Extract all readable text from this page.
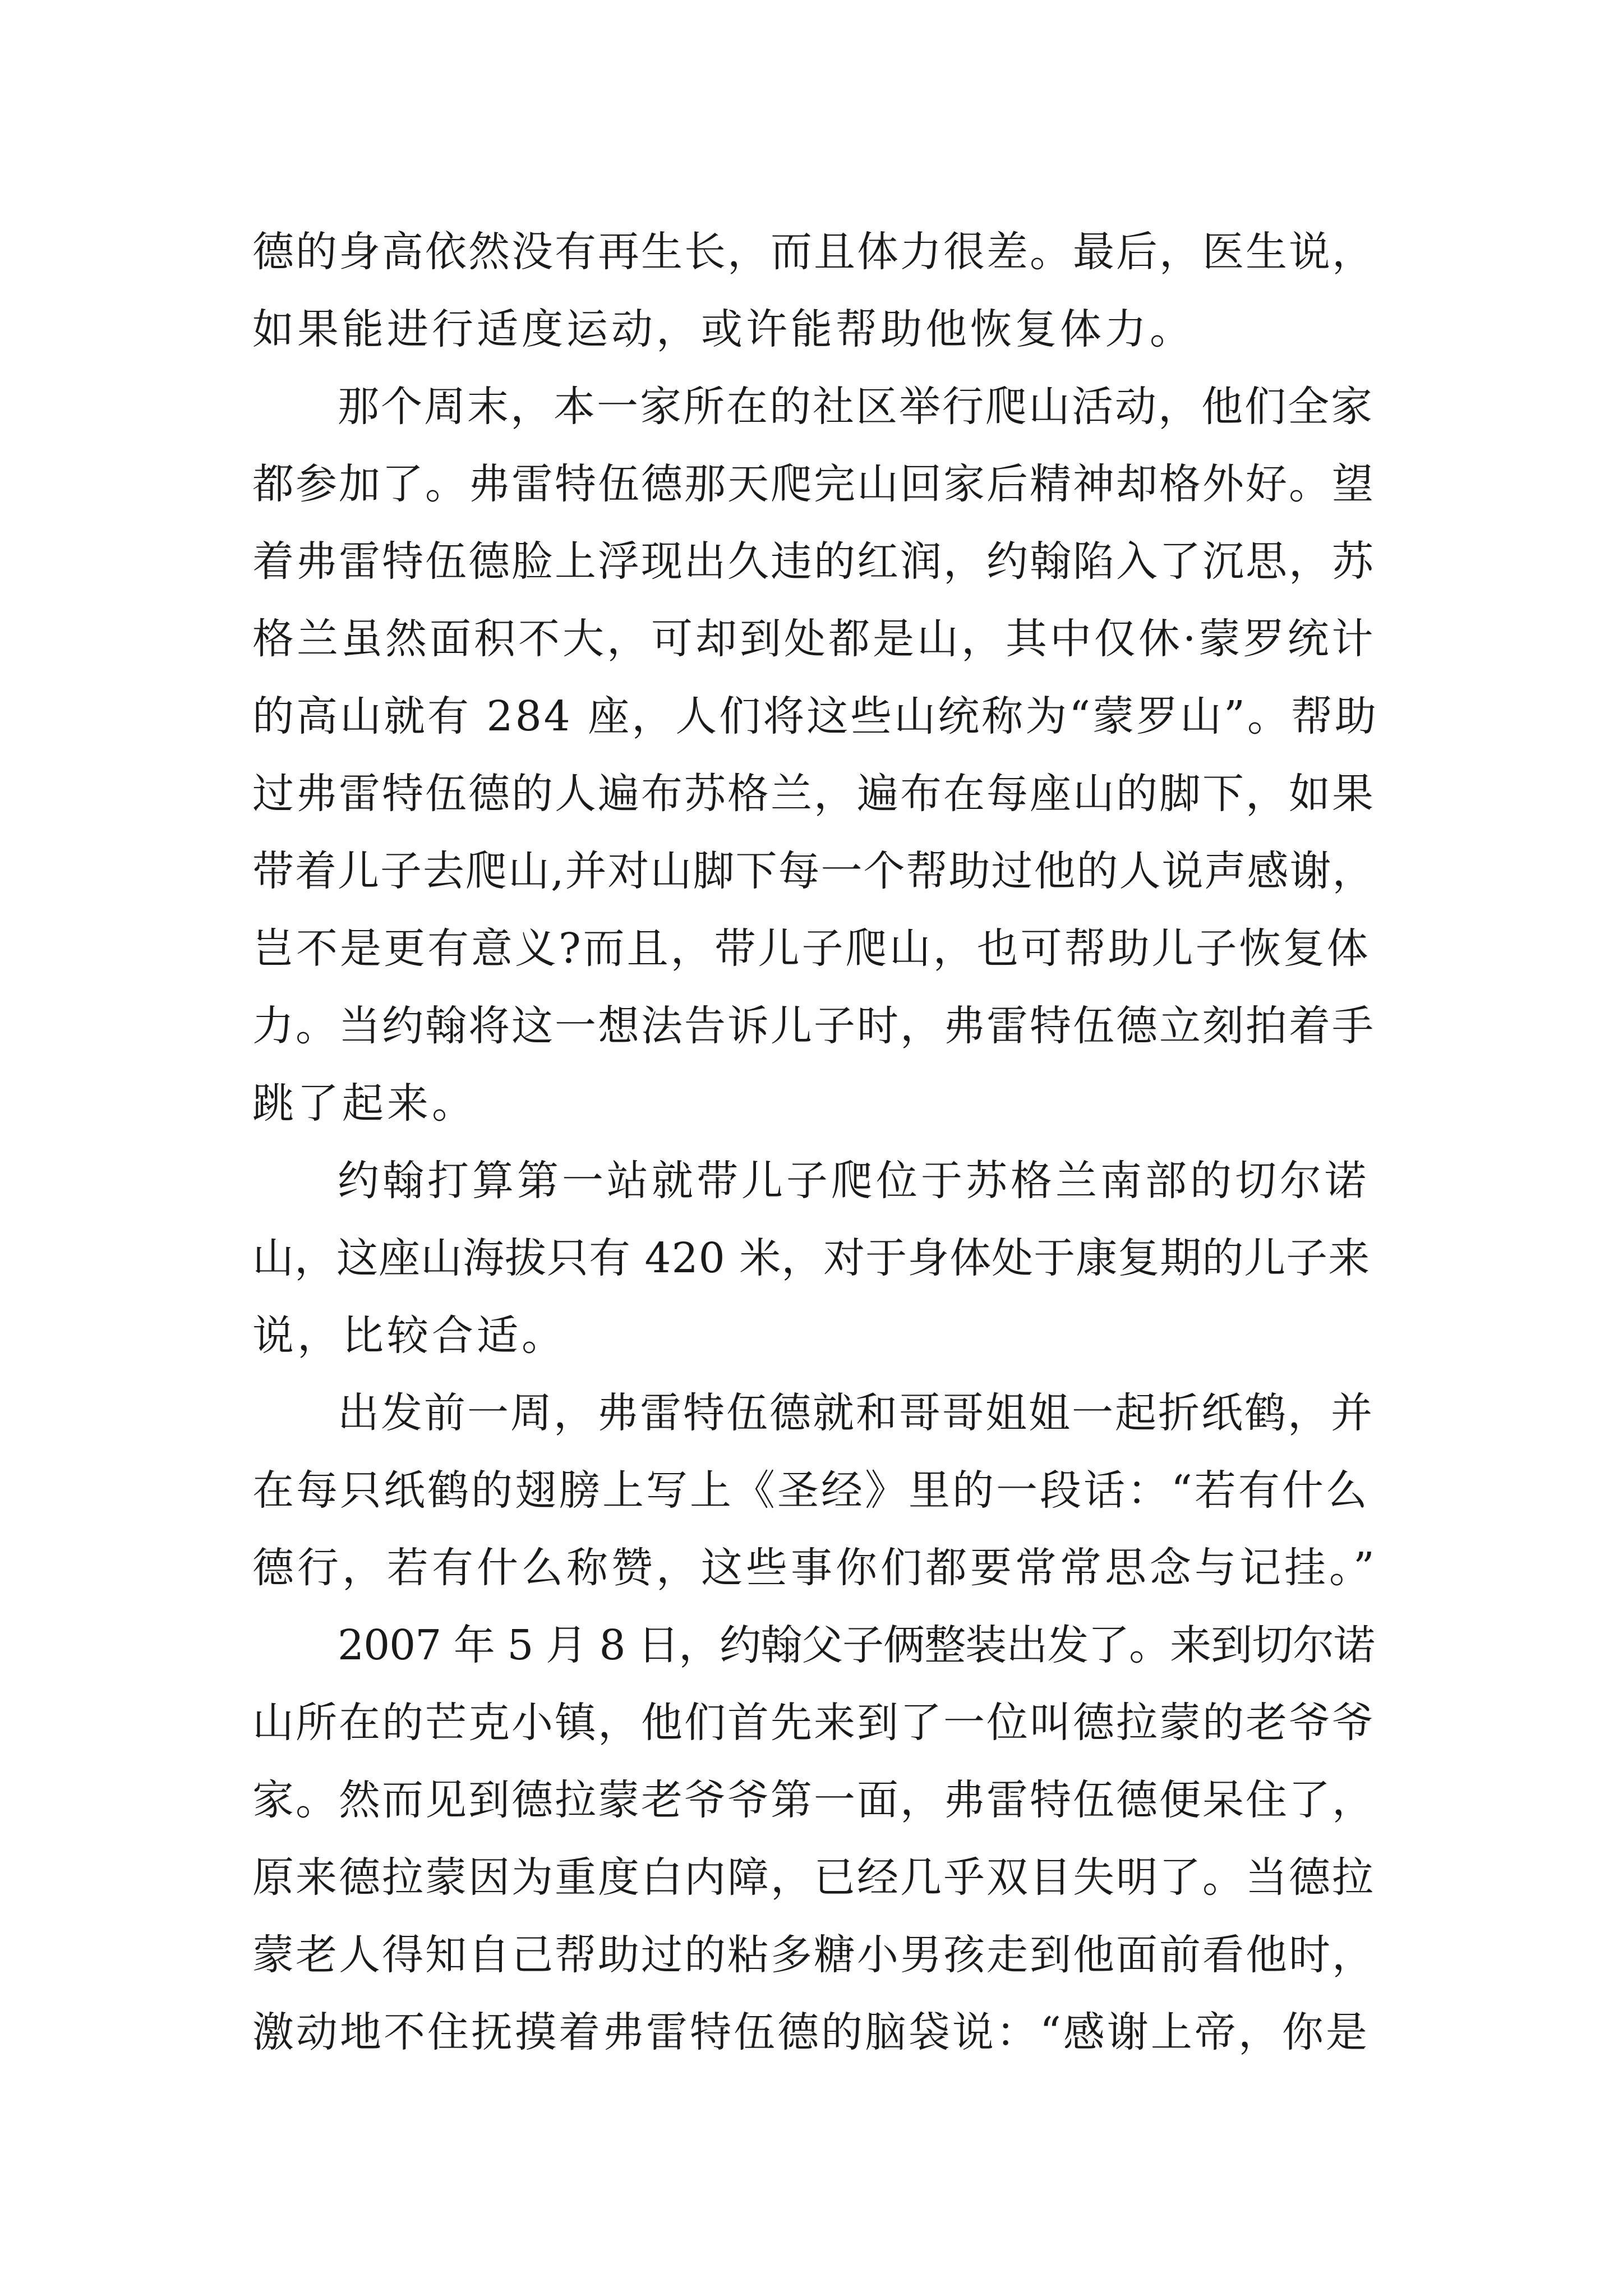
德的身高依然没有再生长，而且体力很差。最后，医生说，
如果能进行适度运动，或许能帮助他恢复体力。
那个周末，本一家所在的社区举行爬山活动，他们全家
都参加了。弗雷特伍德那天爬完山回家后精神却格外好。望
着弗雷特伍德脸上浮现出久违的红润，约翰陷入了沉思，苏
格兰虽然面积不大，可却到处都是山，其中仅休·蒙罗统计
的高山就有 284 座，人们将这些山统称为“蒙罗山”。帮助
过弗雷特伍德的人遍布苏格兰，遍布在每座山的脚下，如果
带着儿子去爬山,并对山脚下每一个帮助过他的人说声感谢，
岂不是更有意义?而且，带儿子爬山，也可帮助儿子恢复体
力。当约翰将这一想法告诉儿子时，弗雷特伍德立刻拍着手
跳了起来。
约翰打算第一站就带儿子爬位于苏格兰南部的切尔诺
山，这座山海拔只有 420 米，对于身体处于康复期的儿子来
说，比较合适。
出发前一周，弗雷特伍德就和哥哥姐姐一起折纸鹤，并
在每只纸鹤的翅膀上写上《圣经》里的一段话：“若有什么
德行，若有什么称赞，这些事你们都要常常思念与记挂。”
2007 年 5 月 8 日，约翰父子俩整装出发了。来到切尔诺
山所在的芒克小镇，他们首先来到了一位叫德拉蒙的老爷爷
家。然而见到德拉蒙老爷爷第一面，弗雷特伍德便呆住了，
原来德拉蒙因为重度白内障，已经几乎双目失明了。当德拉
蒙老人得知自己帮助过的粘多糖小男孩走到他面前看他时，
激动地不住抚摸着弗雷特伍德的脑袋说：“感谢上帝，你是
